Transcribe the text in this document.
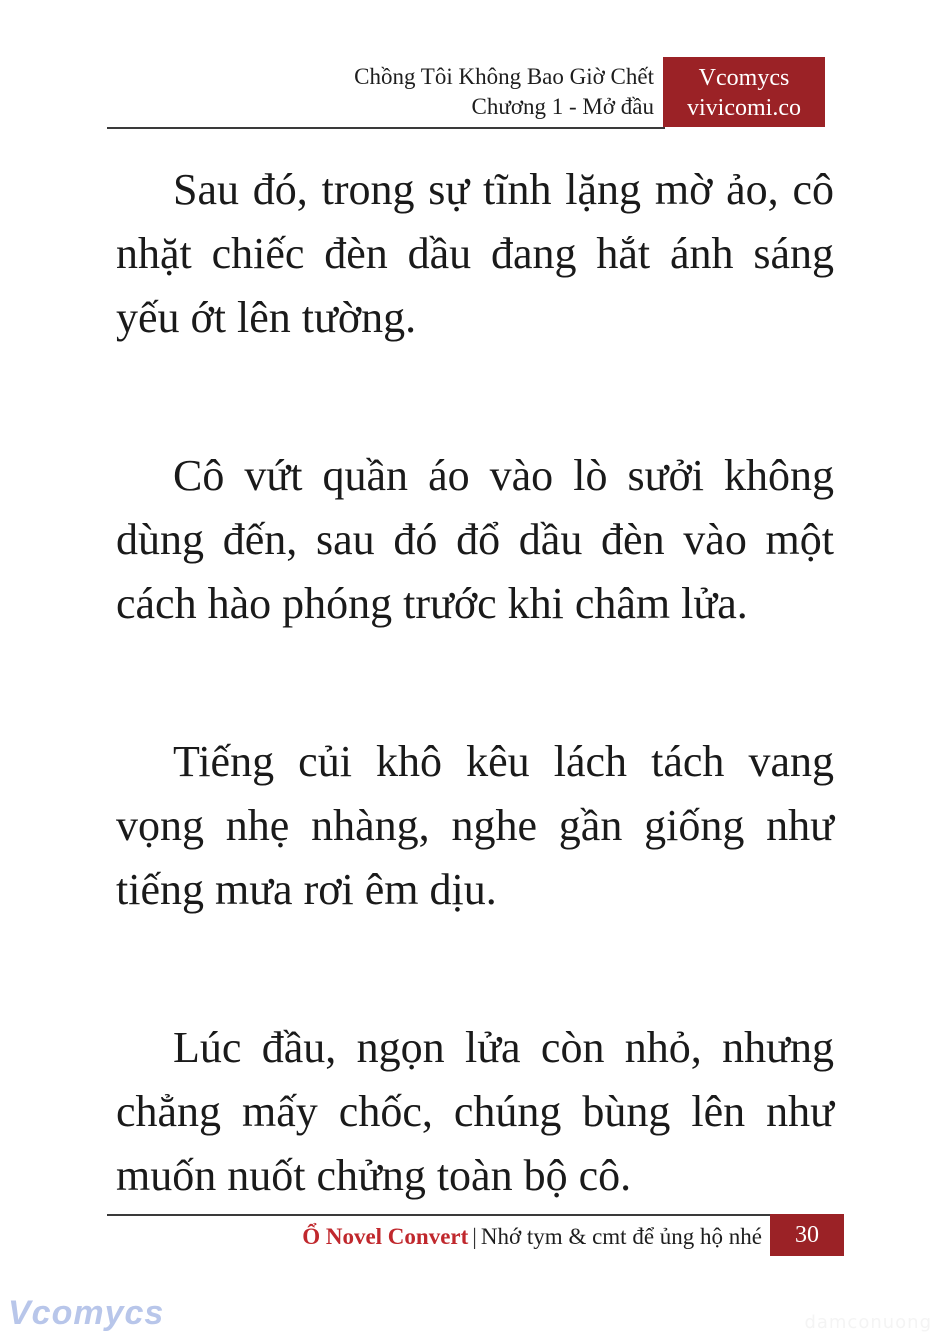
Chồng Tôi Không Bao Giờ Chết
Chương 1 - Mở đầu
Vcomycs
vivicomi.co

Sau đó, trong sự tĩnh lặng mờ ảo, cô nhặt chiếc đèn dầu đang hắt ánh sáng yếu ớt lên tường.

Cô vứt quần áo vào lò sưởi không dùng đến, sau đó đổ dầu đèn vào một cách hào phóng trước khi châm lửa.

Tiếng củi khô kêu lách tách vang vọng nhẹ nhàng, nghe gần giống như tiếng mưa rơi êm dịu.

Lúc đầu, ngọn lửa còn nhỏ, nhưng chẳng mấy chốc, chúng bùng lên như muốn nuốt chửng toàn bộ cô.

Ổ Novel Convert | Nhớ tym & cmt để ủng hộ nhé	30
Vcomycs	damconuong
